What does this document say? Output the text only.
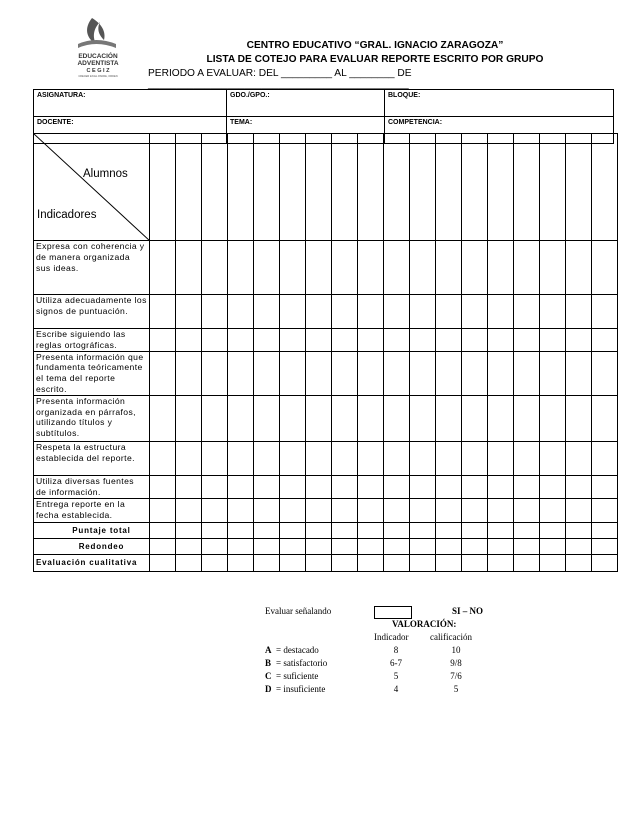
EDUCACIÓN
ADVENTISTA
C E G I Z
CRECER EN EL PADRE, ORDEN
CENTRO EDUCATIVO “GRAL. IGNACIO ZARAGOZA”
LISTA DE COTEJO PARA EVALUAR REPORTE ESCRITO POR GRUPO
PERIODO A EVALUAR: DEL _________ AL ________ DE ______________________________________________
ASIGNATURA:	GDO./GPO.:	BLOQUE:
DOCENTE:	TEMA:	COMPETENCIA:
Alumnos
Indicadores																		

Expresa con coherencia y de manera organizada sus ideas.																		
Utiliza adecuadamente los signos de puntuación.																		
Escribe siguiendo las reglas ortográficas.																		
Presenta información que fundamenta teóricamente el tema del reporte escrito.																		
Presenta información organizada en párrafos, utilizando títulos y subtítulos.																		
Respeta la estructura establecida del reporte.																		
Utiliza diversas fuentes de información.																		
Entrega reporte en la fecha establecida.																		
Puntaje total																		
Redondeo																		
Evaluación cualitativa																		
Evaluar señalando	SI – NO
VALORACIÓN:
Indicador calificación
A = destacado	8	10
B = satisfactorio	6-7	9/8
C = suficiente	5	7/6
D = insuficiente	4	5
